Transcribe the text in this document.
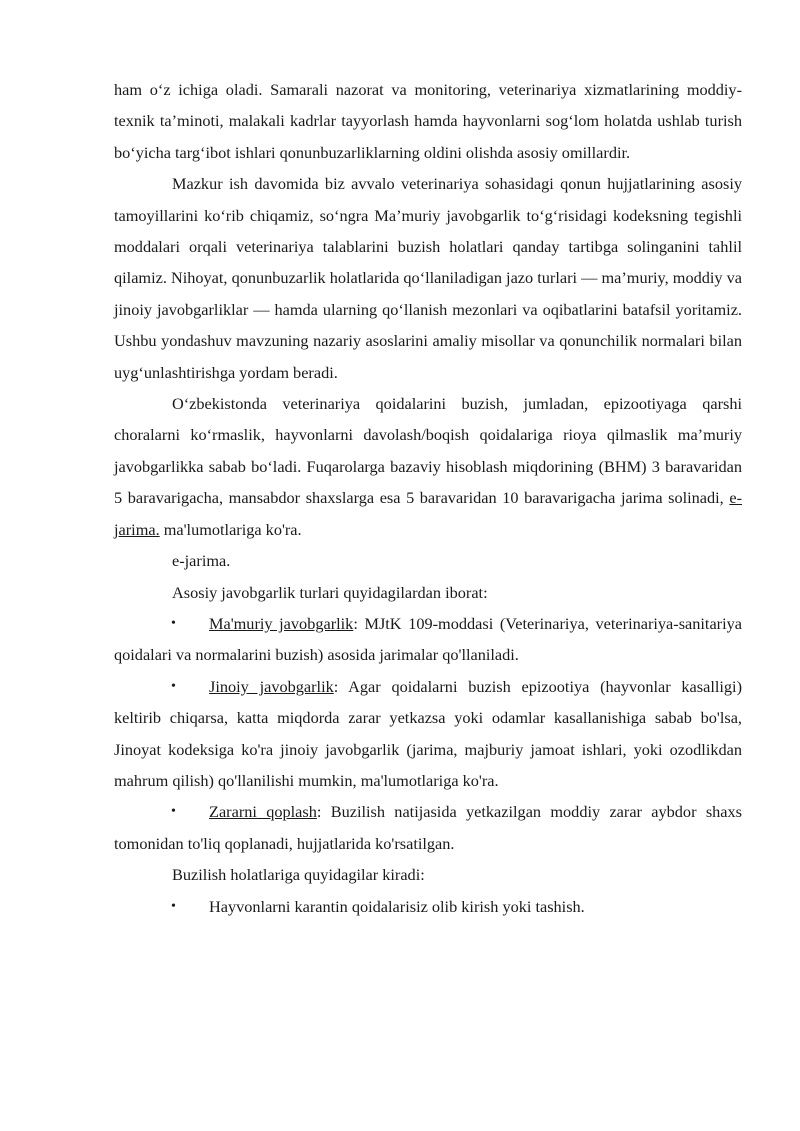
ham o‘z ichiga oladi. Samarali nazorat va monitoring, veterinariya xizmatlarining moddiy-texnik ta’minoti, malakali kadrlar tayyorlash hamda hayvonlarni sog‘lom holatda ushlab turish bo‘yicha targ‘ibot ishlari qonunbuzarliklarning oldini olishda asosiy omillardir.

Mazkur ish davomida biz avvalo veterinariya sohasidagi qonun hujjatlarining asosiy tamoyillarini ko‘rib chiqamiz, so‘ngra Ma’muriy javobgarlik to‘g‘risidagi kodeksning tegishli moddalari orqali veterinariya talablarini buzish holatlari qanday tartibga solinganini tahlil qilamiz. Nihoyat, qonunbuzarlik holatlarida qo‘llaniladigan jazo turlari — ma’muriy, moddiy va jinoiy javobgarliklar — hamda ularning qo‘llanish mezonlari va oqibatlarini batafsil yoritamiz. Ushbu yondashuv mavzuning nazariy asoslarini amaliy misollar va qonunchilik normalari bilan uyg‘unlashtirishga yordam beradi.

O‘zbekistonda veterinariya qoidalarini buzish, jumladan, epizootiyaga qarshi choralarni ko‘rmaslik, hayvonlarni davolash/boqish qoidalariga rioya qilmaslik ma’muriy javobgarlikka sabab bo‘ladi. Fuqarolarga bazaviy hisoblash miqdorining (BHM) 3 baravaridan 5 baravarigacha, mansabdor shaxslarga esa 5 baravaridan 10 baravarigacha jarima solinadi, e-jarima. ma'lumotlariga ko'ra.

e-jarima.

Asosiy javobgarlik turlari quyidagilardan iborat:

• Ma'muriy javobgarlik: MJtK 109-moddasi (Veterinariya, veterinariya-sanitariya qoidalari va normalarini buzish) asosida jarimalar qo'llaniladi.

• Jinoiy javobgarlik: Agar qoidalarni buzish epizootiya (hayvonlar kasalligi) keltirib chiqarsa, katta miqdorda zarar yetkazsa yoki odamlar kasallanishiga sabab bo'lsa, Jinoyat kodeksiga ko'ra jinoiy javobgarlik (jarima, majburiy jamoat ishlari, yoki ozodlikdan mahrum qilish) qo'llanilishi mumkin, ma'lumotlariga ko'ra.

• Zararni qoplash: Buzilish natijasida yetkazilgan moddiy zarar aybdor shaxs tomonidan to'liq qoplanadi, hujjatlarida ko'rsatilgan.

Buzilish holatlariga quyidagilar kiradi:

• Hayvonlarni karantin qoidalarisiz olib kirish yoki tashish.
